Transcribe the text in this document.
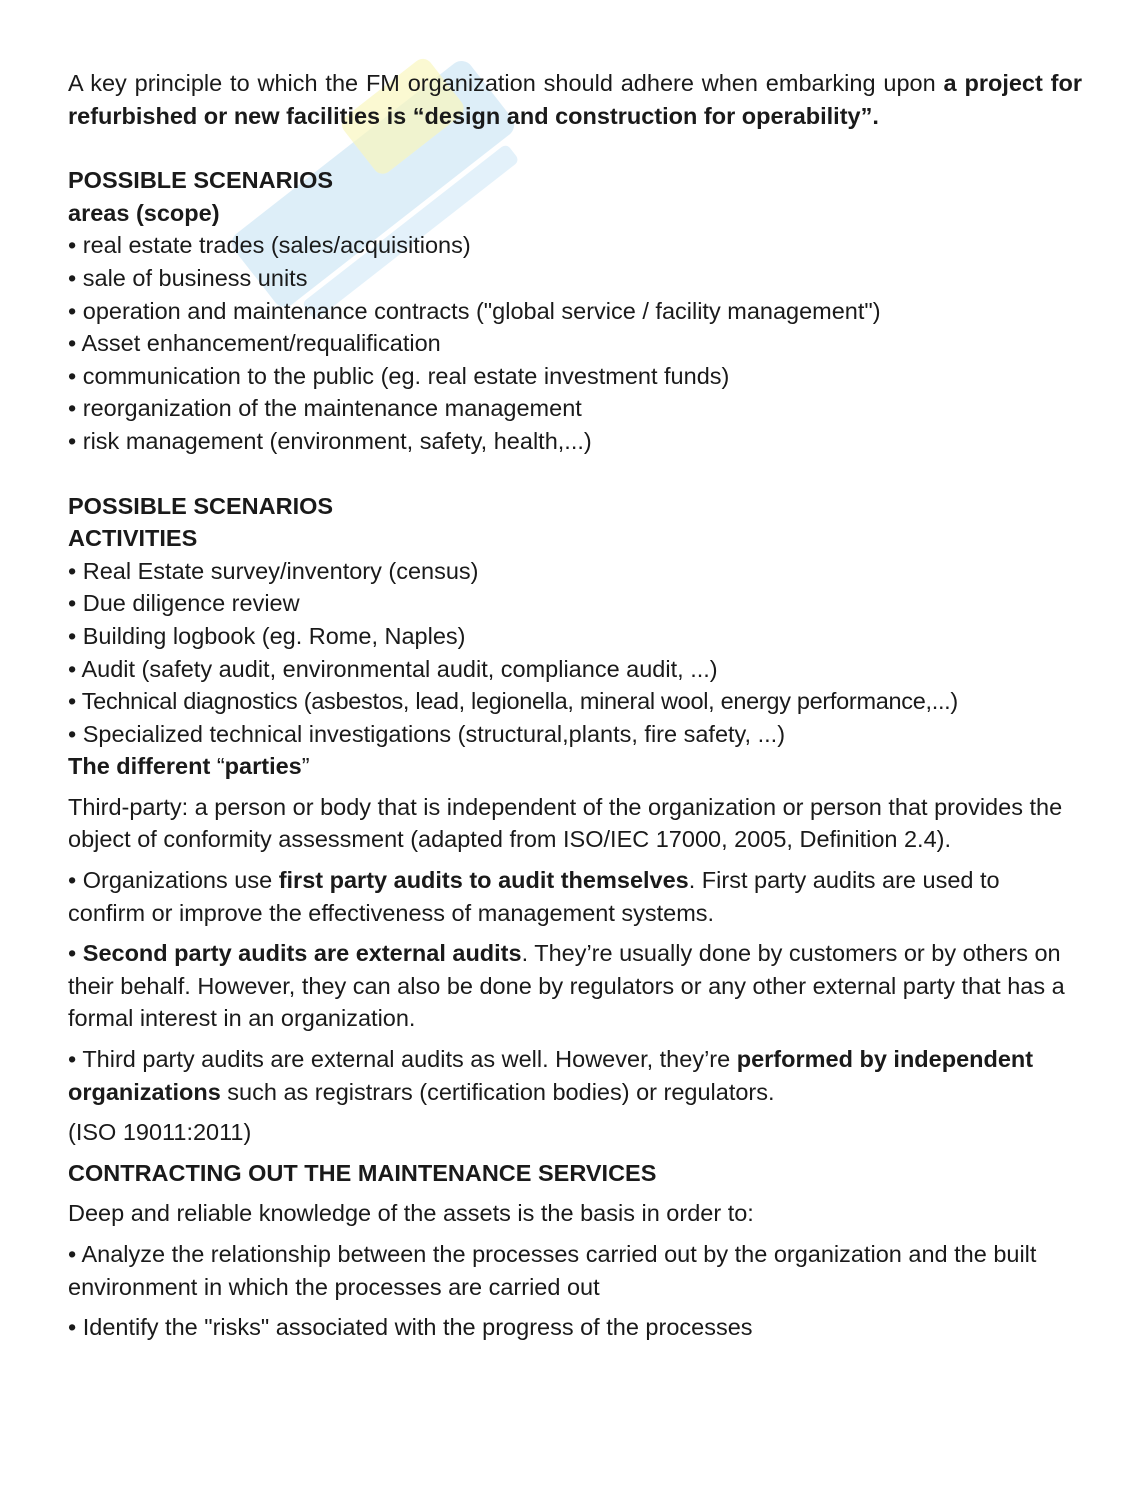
A key principle to which the FM organization should adhere when embarking upon a project for refurbished or new facilities is “design and construction for operability”.

POSSIBLE SCENARIOS

areas (scope)

• real estate trades (sales/acquisitions)

• sale of business units

• operation and maintenance contracts ("global service / facility management")

• Asset enhancement/requalification

• communication to the public (eg. real estate investment funds)

• reorganization of the maintenance management

• risk management (environment, safety, health,...)

POSSIBLE SCENARIOS

ACTIVITIES

• Real Estate survey/inventory (census)

• Due diligence review

• Building logbook (eg. Rome, Naples)

• Audit (safety audit, environmental audit, compliance audit, ...)

• Technical diagnostics (asbestos, lead, legionella, mineral wool, energy performance,...)

• Specialized technical investigations (structural,plants, fire safety, ...)

The different “parties”

Third-party: a person or body that is independent of the organization or person that provides the object of conformity assessment (adapted from ISO/IEC 17000, 2005, Definition 2.4).

• Organizations use first party audits to audit themselves. First party audits are used to confirm or improve the effectiveness of management systems.

• Second party audits are external audits. They’re usually done by customers or by others on their behalf. However, they can also be done by regulators or any other external party that has a formal interest in an organization.

• Third party audits are external audits as well. However, they’re performed by independent organizations such as registrars (certification bodies) or regulators.

(ISO 19011:2011)

CONTRACTING OUT THE MAINTENANCE SERVICES

Deep and reliable knowledge of the assets is the basis in order to:

• Analyze the relationship between the processes carried out by the organization and the built environment in which the processes are carried out

• Identify the "risks" associated with the progress of the processes
